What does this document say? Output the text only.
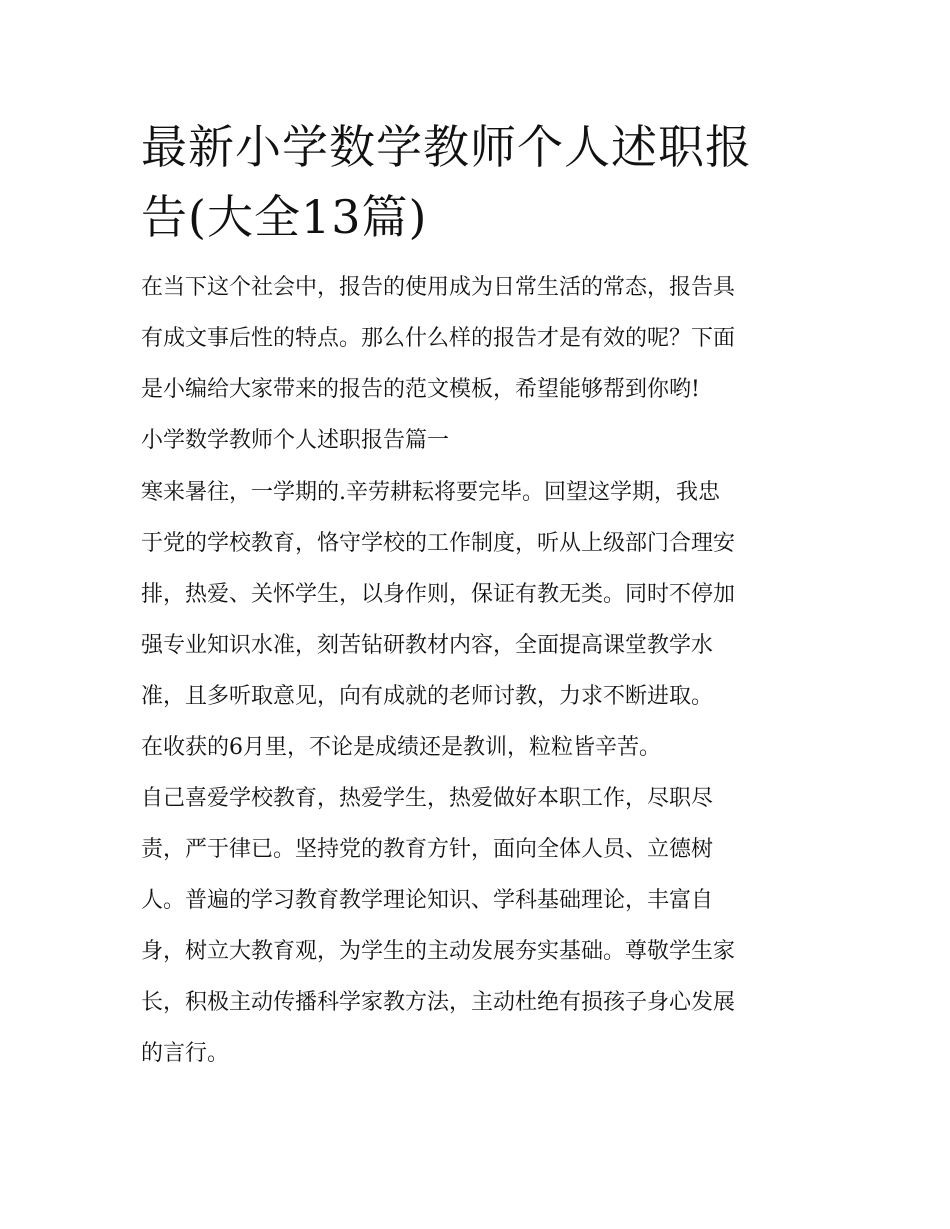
最新小学数学教师个人述职报
告(大全13篇)

在当下这个社会中，报告的使用成为日常生活的常态，报告具

有成文事后性的特点。那么什么样的报告才是有效的呢？下面

是小编给大家带来的报告的范文模板，希望能够帮到你哟!

小学数学教师个人述职报告篇一

寒来暑往，一学期的.辛劳耕耘将要完毕。回望这学期，我忠

于党的学校教育，恪守学校的工作制度，听从上级部门合理安

排，热爱、关怀学生，以身作则，保证有教无类。同时不停加

强专业知识水准，刻苦钻研教材内容，全面提高课堂教学水

准，且多听取意见，向有成就的老师讨教，力求不断进取。

在收获的6月里，不论是成绩还是教训，粒粒皆辛苦。

自己喜爱学校教育，热爱学生，热爱做好本职工作，尽职尽

责，严于律已。坚持党的教育方针，面向全体人员、立德树

人。普遍的学习教育教学理论知识、学科基础理论，丰富自

身，树立大教育观，为学生的主动发展夯实基础。尊敬学生家

长，积极主动传播科学家教方法，主动杜绝有损孩子身心发展

的言行。
